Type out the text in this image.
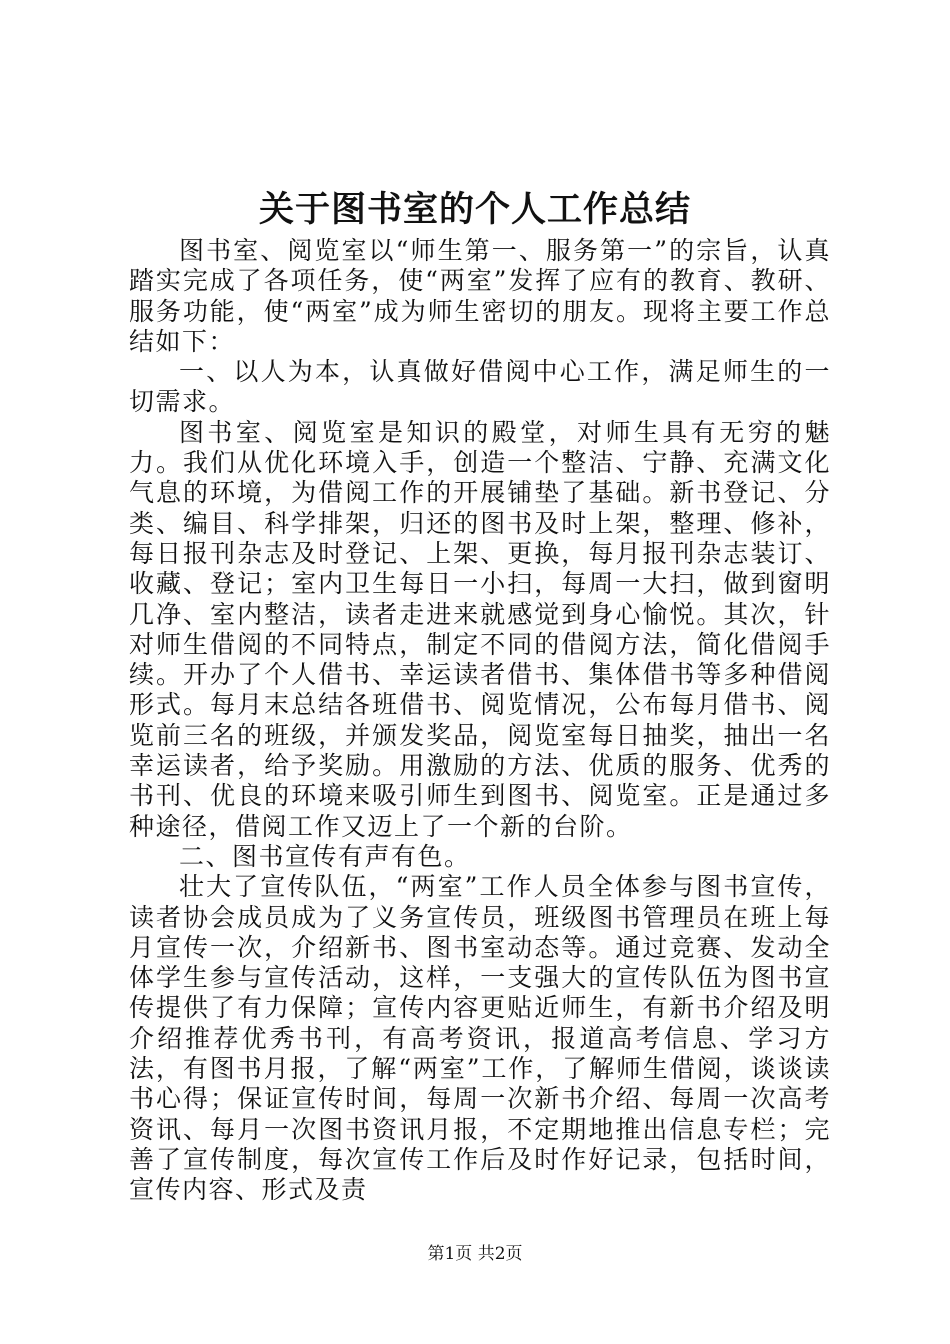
关于图书室的个人工作总结

图书室、阅览室以“师生第一、服务第一”的宗旨，认真踏实完成了各项任务，使“两室”发挥了应有的教育、教研、服务功能，使“两室”成为师生密切的朋友。现将主要工作总结如下：

一、以人为本，认真做好借阅中心工作，满足师生的一切需求。

图书室、阅览室是知识的殿堂，对师生具有无穷的魅力。我们从优化环境入手，创造一个整洁、宁静、充满文化气息的环境，为借阅工作的开展铺垫了基础。新书登记、分类、编目、科学排架，归还的图书及时上架，整理、修补，每日报刊杂志及时登记、上架、更换，每月报刊杂志装订、收藏、登记；室内卫生每日一小扫，每周一大扫，做到窗明几净、室内整洁，读者走进来就感觉到身心愉悦。其次，针对师生借阅的不同特点，制定不同的借阅方法，简化借阅手续。开办了个人借书、幸运读者借书、集体借书等多种借阅形式。每月末总结各班借书、阅览情况，公布每月借书、阅览前三名的班级，并颁发奖品，阅览室每日抽奖，抽出一名幸运读者，给予奖励。用激励的方法、优质的服务、优秀的书刊、优良的环境来吸引师生到图书、阅览室。正是通过多种途径，借阅工作又迈上了一个新的台阶。

二、图书宣传有声有色。

壮大了宣传队伍，“两室”工作人员全体参与图书宣传，读者协会成员成为了义务宣传员，班级图书管理员在班上每月宣传一次，介绍新书、图书室动态等。通过竞赛、发动全体学生参与宣传活动，这样，一支强大的宣传队伍为图书宣传提供了有力保障；宣传内容更贴近师生，有新书介绍及明介绍推荐优秀书刊，有高考资讯，报道高考信息、学习方法，有图书月报，了解“两室”工作，了解师生借阅，谈谈读书心得；保证宣传时间，每周一次新书介绍、每周一次高考资讯、每月一次图书资讯月报，不定期地推出信息专栏；完善了宣传制度，每次宣传工作后及时作好记录，包括时间，宣传内容、形式及责

第1页 共2页
